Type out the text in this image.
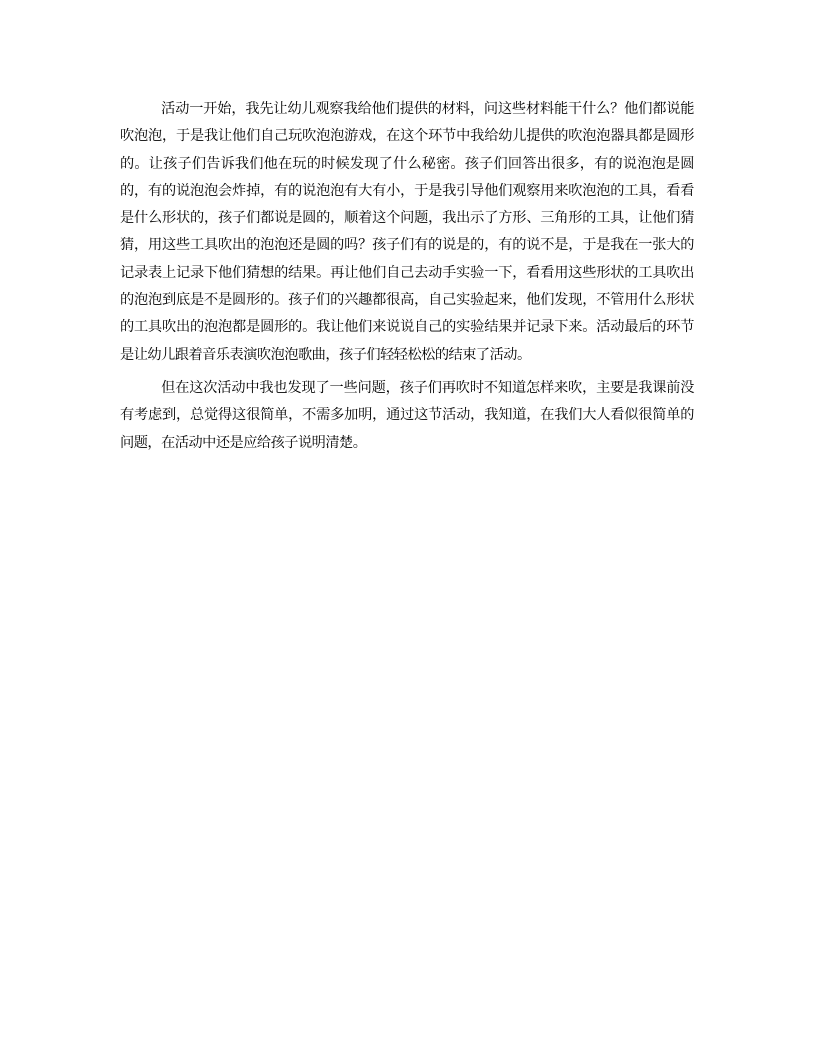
活动一开始，我先让幼儿观察我给他们提供的材料，问这些材料能干什么？他们都说能吹泡泡，于是我让他们自己玩吹泡泡游戏，在这个环节中我给幼儿提供的吹泡泡器具都是圆形的。让孩子们告诉我们他在玩的时候发现了什么秘密。孩子们回答出很多，有的说泡泡是圆的，有的说泡泡会炸掉，有的说泡泡有大有小，于是我引导他们观察用来吹泡泡的工具，看看是什么形状的，孩子们都说是圆的，顺着这个问题，我出示了方形、三角形的工具，让他们猜猜，用这些工具吹出的泡泡还是圆的吗？孩子们有的说是的，有的说不是，于是我在一张大的记录表上记录下他们猜想的结果。再让他们自己去动手实验一下，看看用这些形状的工具吹出的泡泡到底是不是圆形的。孩子们的兴趣都很高，自己实验起来，他们发现，不管用什么形状的工具吹出的泡泡都是圆形的。我让他们来说说自己的实验结果并记录下来。活动最后的环节是让幼儿跟着音乐表演吹泡泡歌曲，孩子们轻轻松松的结束了活动。

但在这次活动中我也发现了一些问题，孩子们再吹时不知道怎样来吹，主要是我课前没有考虑到，总觉得这很简单，不需多加明，通过这节活动，我知道，在我们大人看似很简单的问题，在活动中还是应给孩子说明清楚。
